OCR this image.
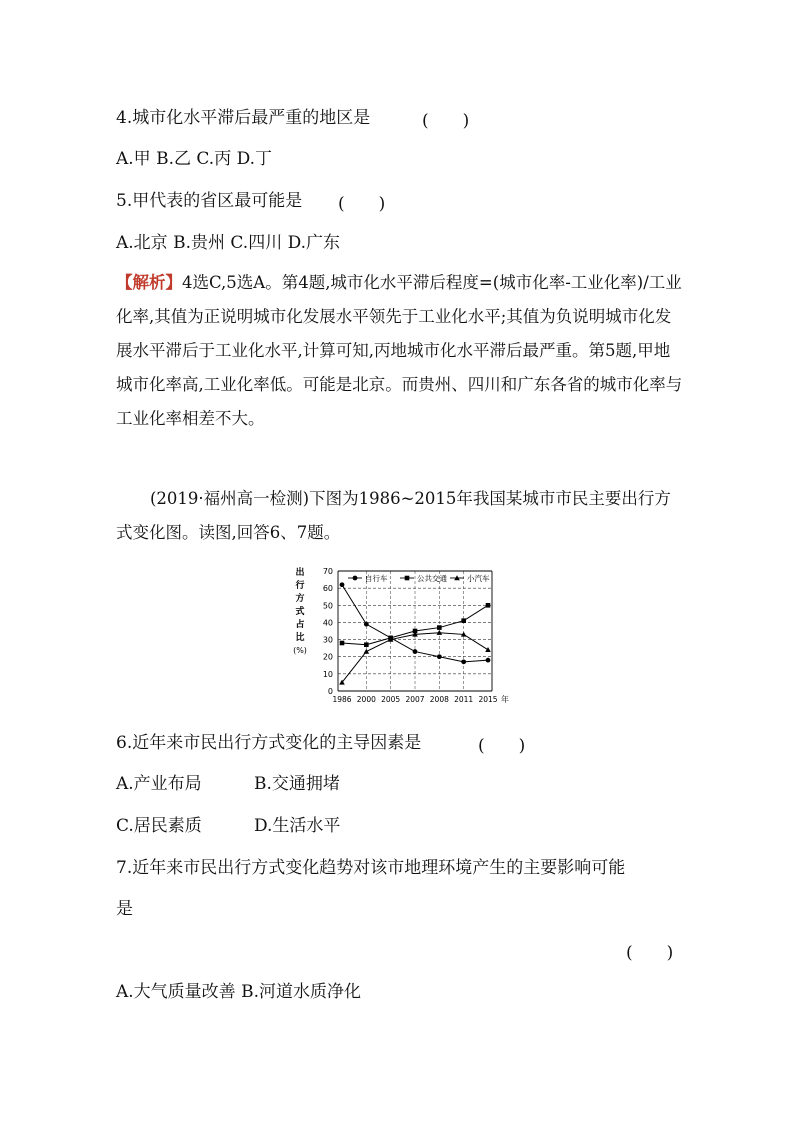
4.城市化水平滞后最严重的地区是	(　　)
A.甲 B.乙 C.丙 D.丁
5.甲代表的省区最可能是 (　　)
A.北京 B.贵州 C.四川 D.广东
【解析】4选C,5选A。第4题,城市化水平滞后程度=(城市化率-工业化率)/工业化率,其值为正说明城市化发展水平领先于工业化水平;其值为负说明城市化发展水平滞后于工业化水平,计算可知,丙地城市化水平滞后最严重。第5题,甲地城市化率高,工业化率低。可能是北京。而贵州、四川和广东各省的城市化率与工业化率相差不大。
(2019·福州高一检测)下图为1986~2015年我国某城市市民主要出行方式变化图。读图,回答6、7题。
出
行
方
式
占
比
(%)
0
10
20
30
40
50
60
70
1986 2000 2005 2007 2008 2011 2015 年
自行车	公共交通	小汽车
6.近年来市民出行方式变化的主导因素是	(　　)
A.产业布局	B.交通拥堵
C.居民素质	D.生活水平
7.近年来市民出行方式变化趋势对该市地理环境产生的主要影响可能
是
(　　)
A.大气质量改善 B.河道水质净化
